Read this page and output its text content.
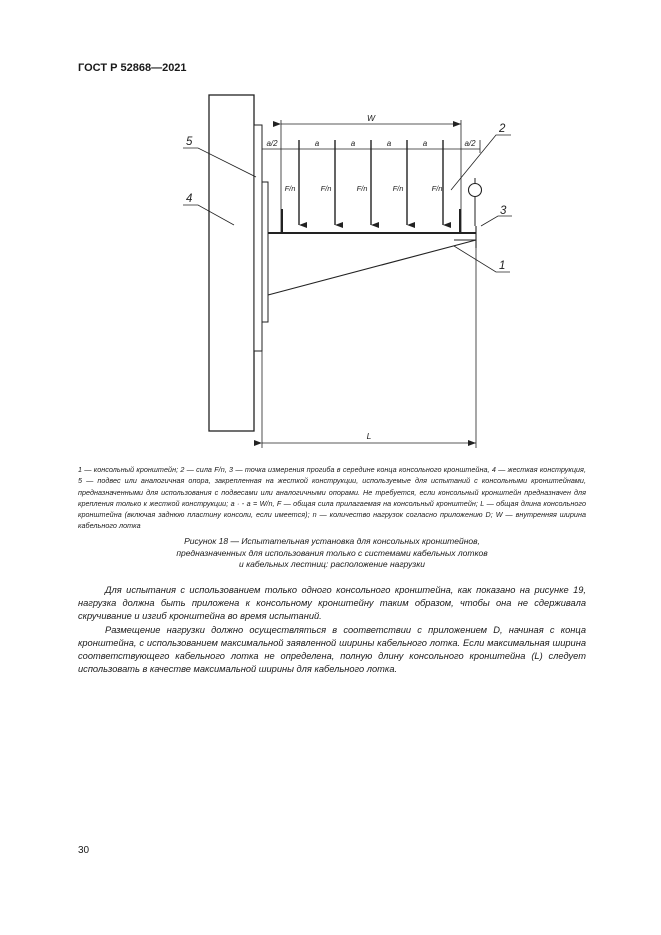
ГОСТ Р 52868—2021
W
a/2	a/2
a	a	a	a
F/n	F/n	F/n	F/n	F/n
L
5
4
2
3
1
1 — консольный кронштейн; 2 — сила F/n, 3 — точка измерения прогиба в середине конца консольного кронштейна, 4 — жесткая конструкция, 5 — подвес или аналогичная опора, закрепленная на жесткой конструкции, используемые для испытаний с консольными кронштейнами, предназначенными для использования с подвесами или аналогичными опорами. Не требуется, если консольный кронштейн предназначен для крепления только к жесткой конструкции; a · - a = W/n, F — общая сила прилагаемая на консольный кронштейн; L — общая длина консольного кронштейна (включая заднюю пластину консоли, если имеется); n — количество нагрузок согласно приложению D; W — внутренняя ширина кабельного лотка
Рисунок 18 — Испытательная установка для консольных кронштейнов,
предназначенных для использования только с системами кабельных лотков
и кабельных лестниц: расположение нагрузки

Для испытания с использованием только одного консольного кронштейна, как показано на рисунке 19, нагрузка должна быть приложена к консольному кронштейну таким образом, чтобы она не сдерживала скручивание и изгиб кронштейна во время испытаний.

Размещение нагрузки должно осуществляться в соответствии с приложением D, начиная с конца кронштейна, с использованием максимальной заявленной ширины кабельного лотка. Если максимальная ширина соответствующего кабельного лотка не определена, полную длину консольного кронштейна (L) следует использовать в качестве максимальной ширины для кабельного лотка.

30
